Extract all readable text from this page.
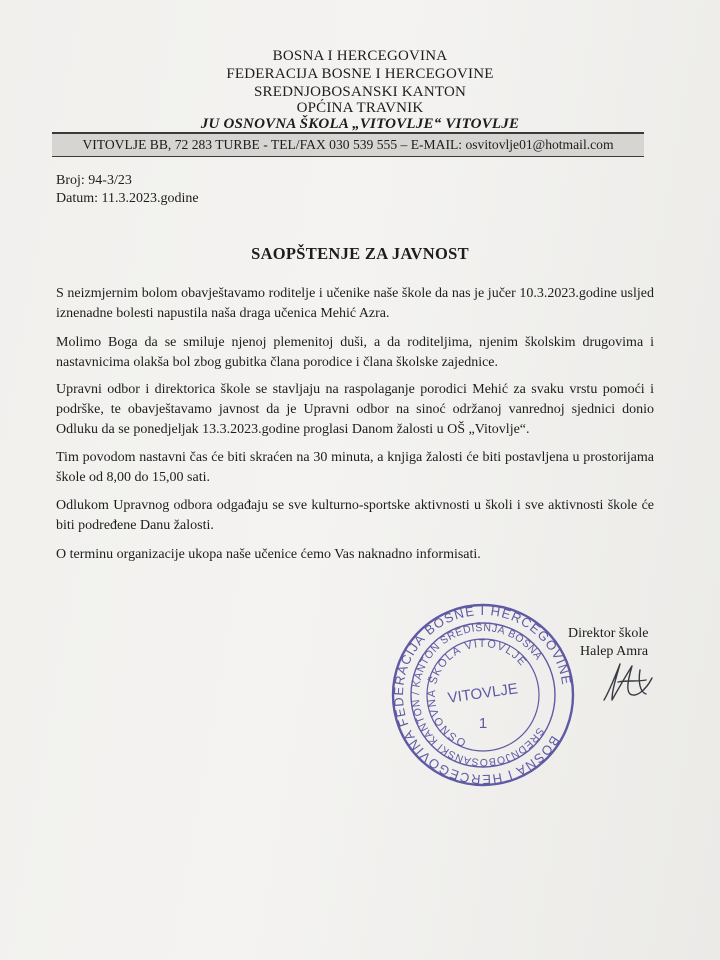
BOSNA I HERCEGOVINA
FEDERACIJA BOSNE I HERCEGOVINE
SREDNJOBOSANSKI KANTON
OPĆINA TRAVNIK
JU OSNOVNA ŠKOLA „VITOVLJE“ VITOVLJE
VITOVLJE BB, 72 283 TURBE - TEL/FAX 030 539 555 – E-MAIL: osvitovlje01@hotmail.com
Broj: 94-3/23
Datum: 11.3.2023.godine
SAOPŠTENJE ZA JAVNOST
S neizmjernim bolom obavještavamo roditelje i učenike naše škole da nas je jučer 10.3.2023.godine usljed iznenadne bolesti napustila naša draga učenica Mehić Azra.
Molimo Boga da se smiluje njenoj plemenitoj duši, a da roditeljima, njenim školskim drugovima i nastavnicima olakša bol zbog gubitka člana porodice i člana školske zajednice.
Upravni odbor i direktorica škole se stavljaju na raspolaganje porodici Mehić za svaku vrstu pomoći i podrške, te obavještavamo javnost da je Upravni odbor na sinoć održanoj vanrednoj sjednici donio Odluku da se ponedjeljak 13.3.2023.godine proglasi Danom žalosti u OŠ „Vitovlje“.
Tim povodom nastavni čas će biti skraćen na 30 minuta, a knjiga žalosti će biti postavljena u prostorijama škole od 8,00 do 15,00 sati.
Odlukom Upravnog odbora odgađaju se sve kulturno-sportske aktivnosti u školi i sve aktivnosti škole će biti podređene Danu žalosti.
O terminu organizacije ukopa naše učenice ćemo Vas naknadno informisati.
Direktor škole
Halep Amra
BOSNA I HERCEGOVINA FEDERACIJA BOSNE I HERCEGOVINE
SREDNJOBOSANSKI KANTON / KANTON SREDIŠNJA BOSNA
OSNOVNA ŠKOLA VITOVLJE
VITOVLJE
1
